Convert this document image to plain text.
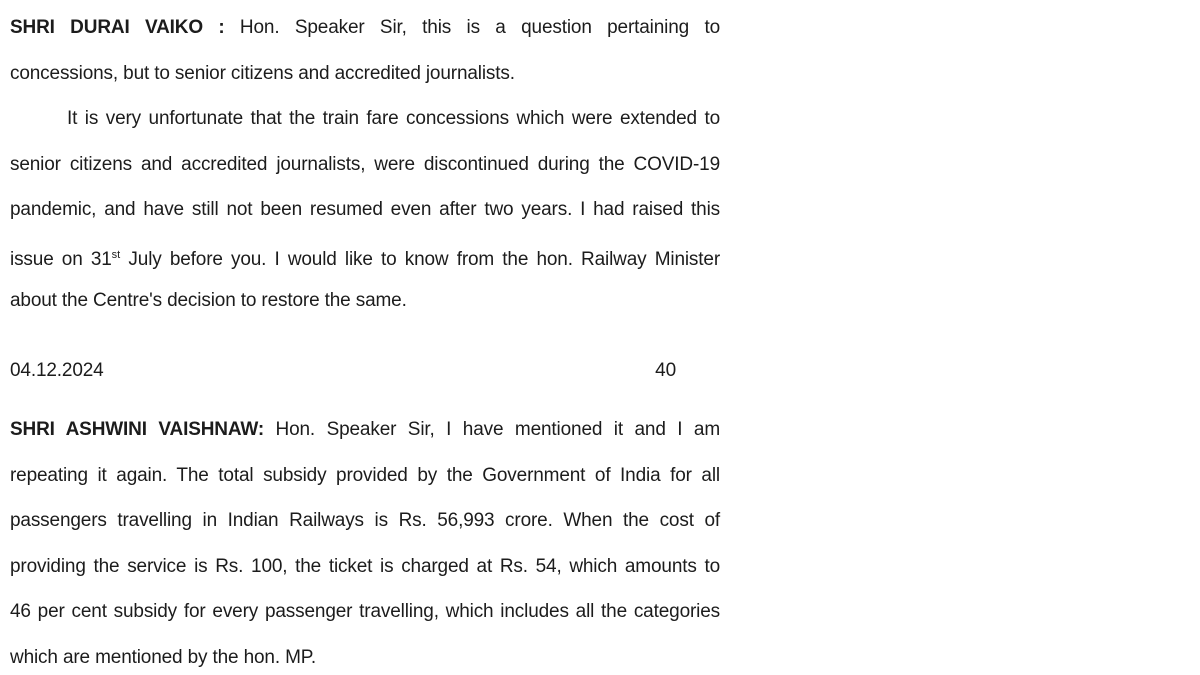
SHRI DURAI VAIKO : Hon. Speaker Sir, this is a question pertaining to
concessions, but to senior citizens and accredited journalists.
It is very unfortunate that the train fare concessions which were extended to
senior citizens and accredited journalists, were discontinued during the COVID-19
pandemic, and have still not been resumed even after two years. I had raised this
issue on 31st July before you. I would like to know from the hon. Railway Minister
about the Centre's decision to restore the same.
04.12.2024	40
SHRI ASHWINI VAISHNAW: Hon. Speaker Sir, I have mentioned it and I am
repeating it again. The total subsidy provided by the Government of India for all
passengers travelling in Indian Railways is Rs. 56,993 crore. When the cost of
providing the service is Rs. 100, the ticket is charged at Rs. 54, which amounts to
46 per cent subsidy for every passenger travelling, which includes all the categories
which are mentioned by the hon. MP.
